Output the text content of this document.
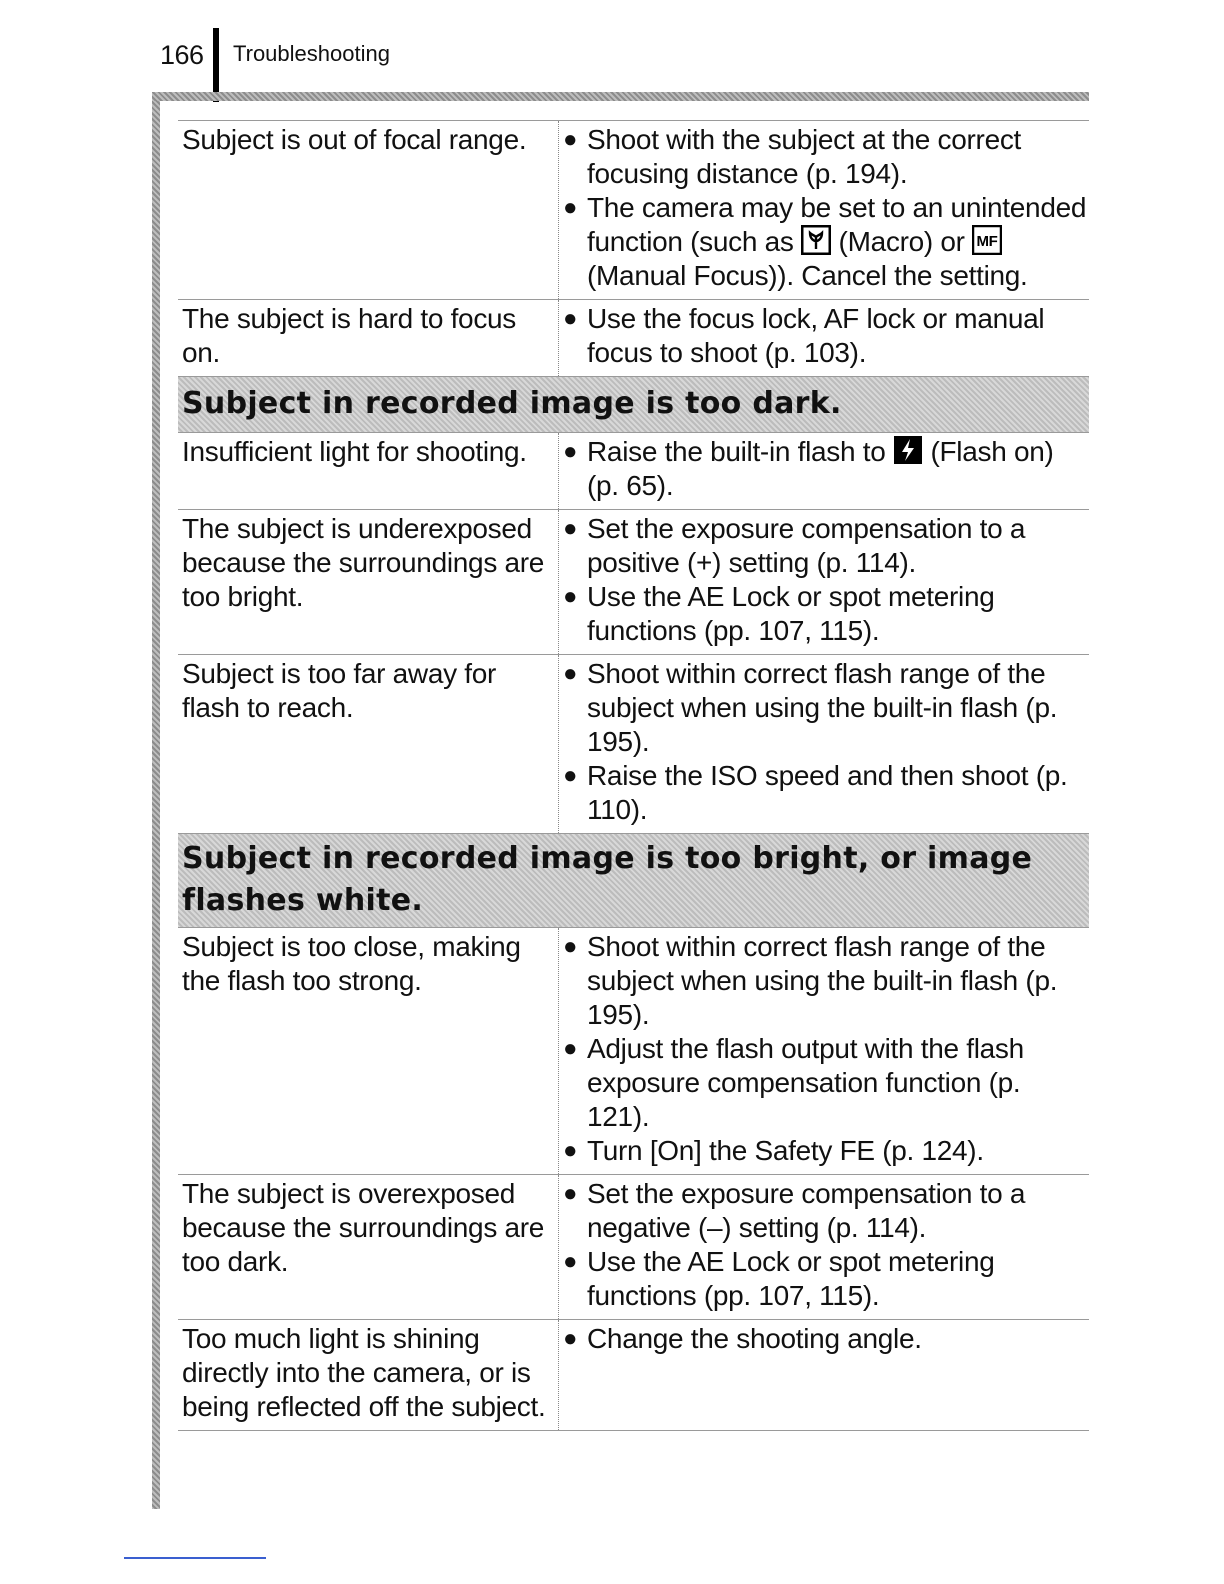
166 Troubleshooting
Subject is out of focal range.	● Shoot with the subject at the correct focusing distance (p. 194).
● The camera may be set to an unintended function (such as  (Macro) or MF
(Manual Focus)). Cancel the setting.
The subject is hard to focus on.
● Use the focus lock, AF lock or manual focus to shoot (p. 103).
Subject in recorded image is too dark.
Insufficient light for shooting.	● Raise the built-in flash to  (Flash on) (p. 65).
The subject is underexposed because the surroundings are too bright.
● Set the exposure compensation to a positive (+) setting (p. 114).
● Use the AE Lock or spot metering functions (pp. 107, 115).
Subject is too far away for flash to reach.
● Shoot within correct flash range of the subject when using the built-in flash (p. 195).
● Raise the ISO speed and then shoot (p. 110).
Subject in recorded image is too bright, or image flashes white.
Subject is too close, making the flash too strong.
● Shoot within correct flash range of the subject when using the built-in flash (p. 195).
● Adjust the flash output with the flash exposure compensation function (p. 121).
● Turn [On] the Safety FE (p. 124).
The subject is overexposed because the surroundings are too dark.
● Set the exposure compensation to a negative (–) setting (p. 114).
● Use the AE Lock or spot metering functions (pp. 107, 115).
Too much light is shining directly into the camera, or is being reflected off the subject.
● Change the shooting angle.
